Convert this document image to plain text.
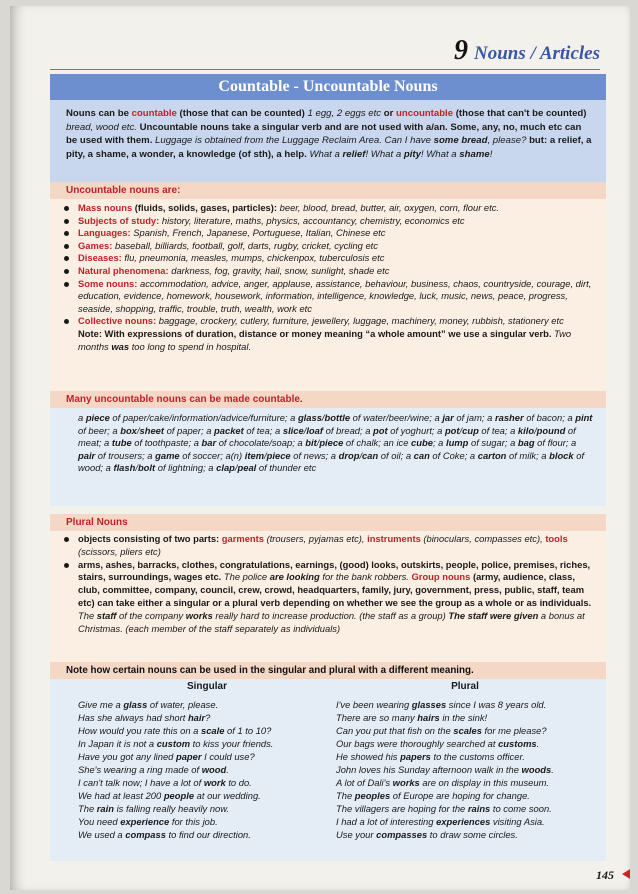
9 Nouns / Articles
Countable - Uncountable Nouns

Nouns can be countable (those that can be counted) 1 egg, 2 eggs etc or uncountable (those that can't be counted) bread, wood etc. Uncountable nouns take a singular verb and are not used with a/an. Some, any, no, much etc can be used with them. Luggage is obtained from the Luggage Reclaim Area. Can I have some bread, please? but: a relief, a pity, a shame, a wonder, a knowledge (of sth), a help. What a relief! What a pity! What a shame!

Uncountable nouns are:
Mass nouns (fluids, solids, gases, particles): beer, blood, bread, butter, air, oxygen, corn, flour etc.
Subjects of study: history, literature, maths, physics, accountancy, chemistry, economics etc
Languages: Spanish, French, Japanese, Portuguese, Italian, Chinese etc
Games: baseball, billiards, football, golf, darts, rugby, cricket, cycling etc
Diseases: flu, pneumonia, measles, mumps, chickenpox, tuberculosis etc
Natural phenomena: darkness, fog, gravity, hail, snow, sunlight, shade etc
Some nouns: accommodation, advice, anger, applause, assistance, behaviour, business, chaos, countryside, courage, dirt, education, evidence, homework, housework, information, intelligence, knowledge, luck, music, news, peace, progress, seaside, shopping, traffic, trouble, truth, wealth, work etc
Collective nouns: baggage, crockery, cutlery, furniture, jewellery, luggage, machinery, money, rubbish, stationery etc

Note: With expressions of duration, distance or money meaning “a whole amount” we use a singular verb. Two months was too long to spend in hospital.

Many uncountable nouns can be made countable.

a piece of paper/cake/information/advice/furniture; a glass/bottle of water/beer/wine; a jar of jam; a rasher of bacon; a pint of beer; a box/sheet of paper; a packet of tea; a slice/loaf of bread; a pot of yoghurt; a pot/cup of tea; a kilo/pound of meat; a tube of toothpaste; a bar of chocolate/soap; a bit/piece of chalk; an ice cube; a lump of sugar; a bag of flour; a pair of trousers; a game of soccer; a(n) item/piece of news; a drop/can of oil; a can of Coke; a carton of milk; a block of wood; a flash/bolt of lightning; a clap/peal of thunder etc

Plural Nouns
objects consisting of two parts: garments (trousers, pyjamas etc), instruments (binoculars, compasses etc), tools (scissors, pliers etc)
arms, ashes, barracks, clothes, congratulations, earnings, (good) looks, outskirts, people, police, premises, riches, stairs, surroundings, wages etc. The police are looking for the bank robbers. Group nouns (army, audience, class, club, committee, company, council, crew, crowd, headquarters, family, jury, government, press, public, staff, team etc) can take either a singular or a plural verb depending on whether we see the group as a whole or as individuals. The staff of the company works really hard to increase production. (the staff as a group) The staff were given a bonus at Christmas. (each member of the staff separately as individuals)
Note how certain nouns can be used in the singular and plural with a different meaning.
Singular
Give me a glass of water, please.
Has she always had short hair?
How would you rate this on a scale of 1 to 10?
In Japan it is not a custom to kiss your friends.
Have you got any lined paper I could use?
She's wearing a ring made of wood.
I can't talk now; I have a lot of work to do.
We had at least 200 people at our wedding.
The rain is falling really heavily now.
You need experience for this job.
We used a compass to find our direction.
Plural
I've been wearing glasses since I was 8 years old.
There are so many hairs in the sink!
Can you put that fish on the scales for me please?
Our bags were thoroughly searched at customs.
He showed his papers to the customs officer.
John loves his Sunday afternoon walk in the woods.
A lot of Dali's works are on display in this museum.
The peoples of Europe are hoping for change.
The villagers are hoping for the rains to come soon.
I had a lot of interesting experiences visiting Asia.
Use your compasses to draw some circles.
145
